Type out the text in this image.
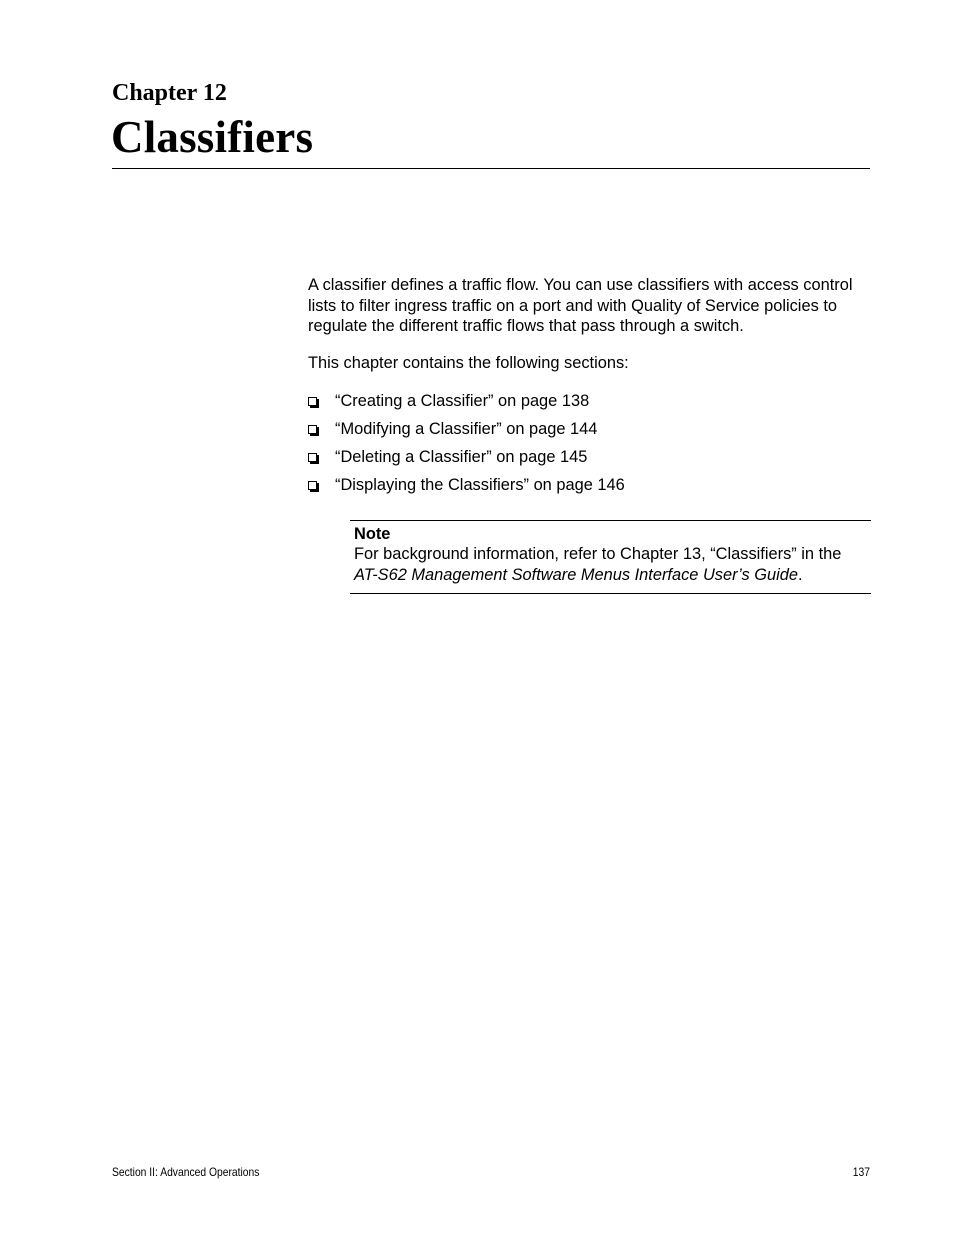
Chapter 12
Classifiers

A classifier defines a traffic flow. You can use classifiers with access control lists to filter ingress traffic on a port and with Quality of Service policies to regulate the different traffic flows that pass through a switch.

This chapter contains the following sections:

“Creating a Classifier” on page 138
“Modifying a Classifier” on page 144
“Deleting a Classifier” on page 145
“Displaying the Classifiers” on page 146
Note

For background information, refer to Chapter 13, “Classifiers” in the AT-S62 Management Software Menus Interface User’s Guide.

Section II: Advanced Operations	137
